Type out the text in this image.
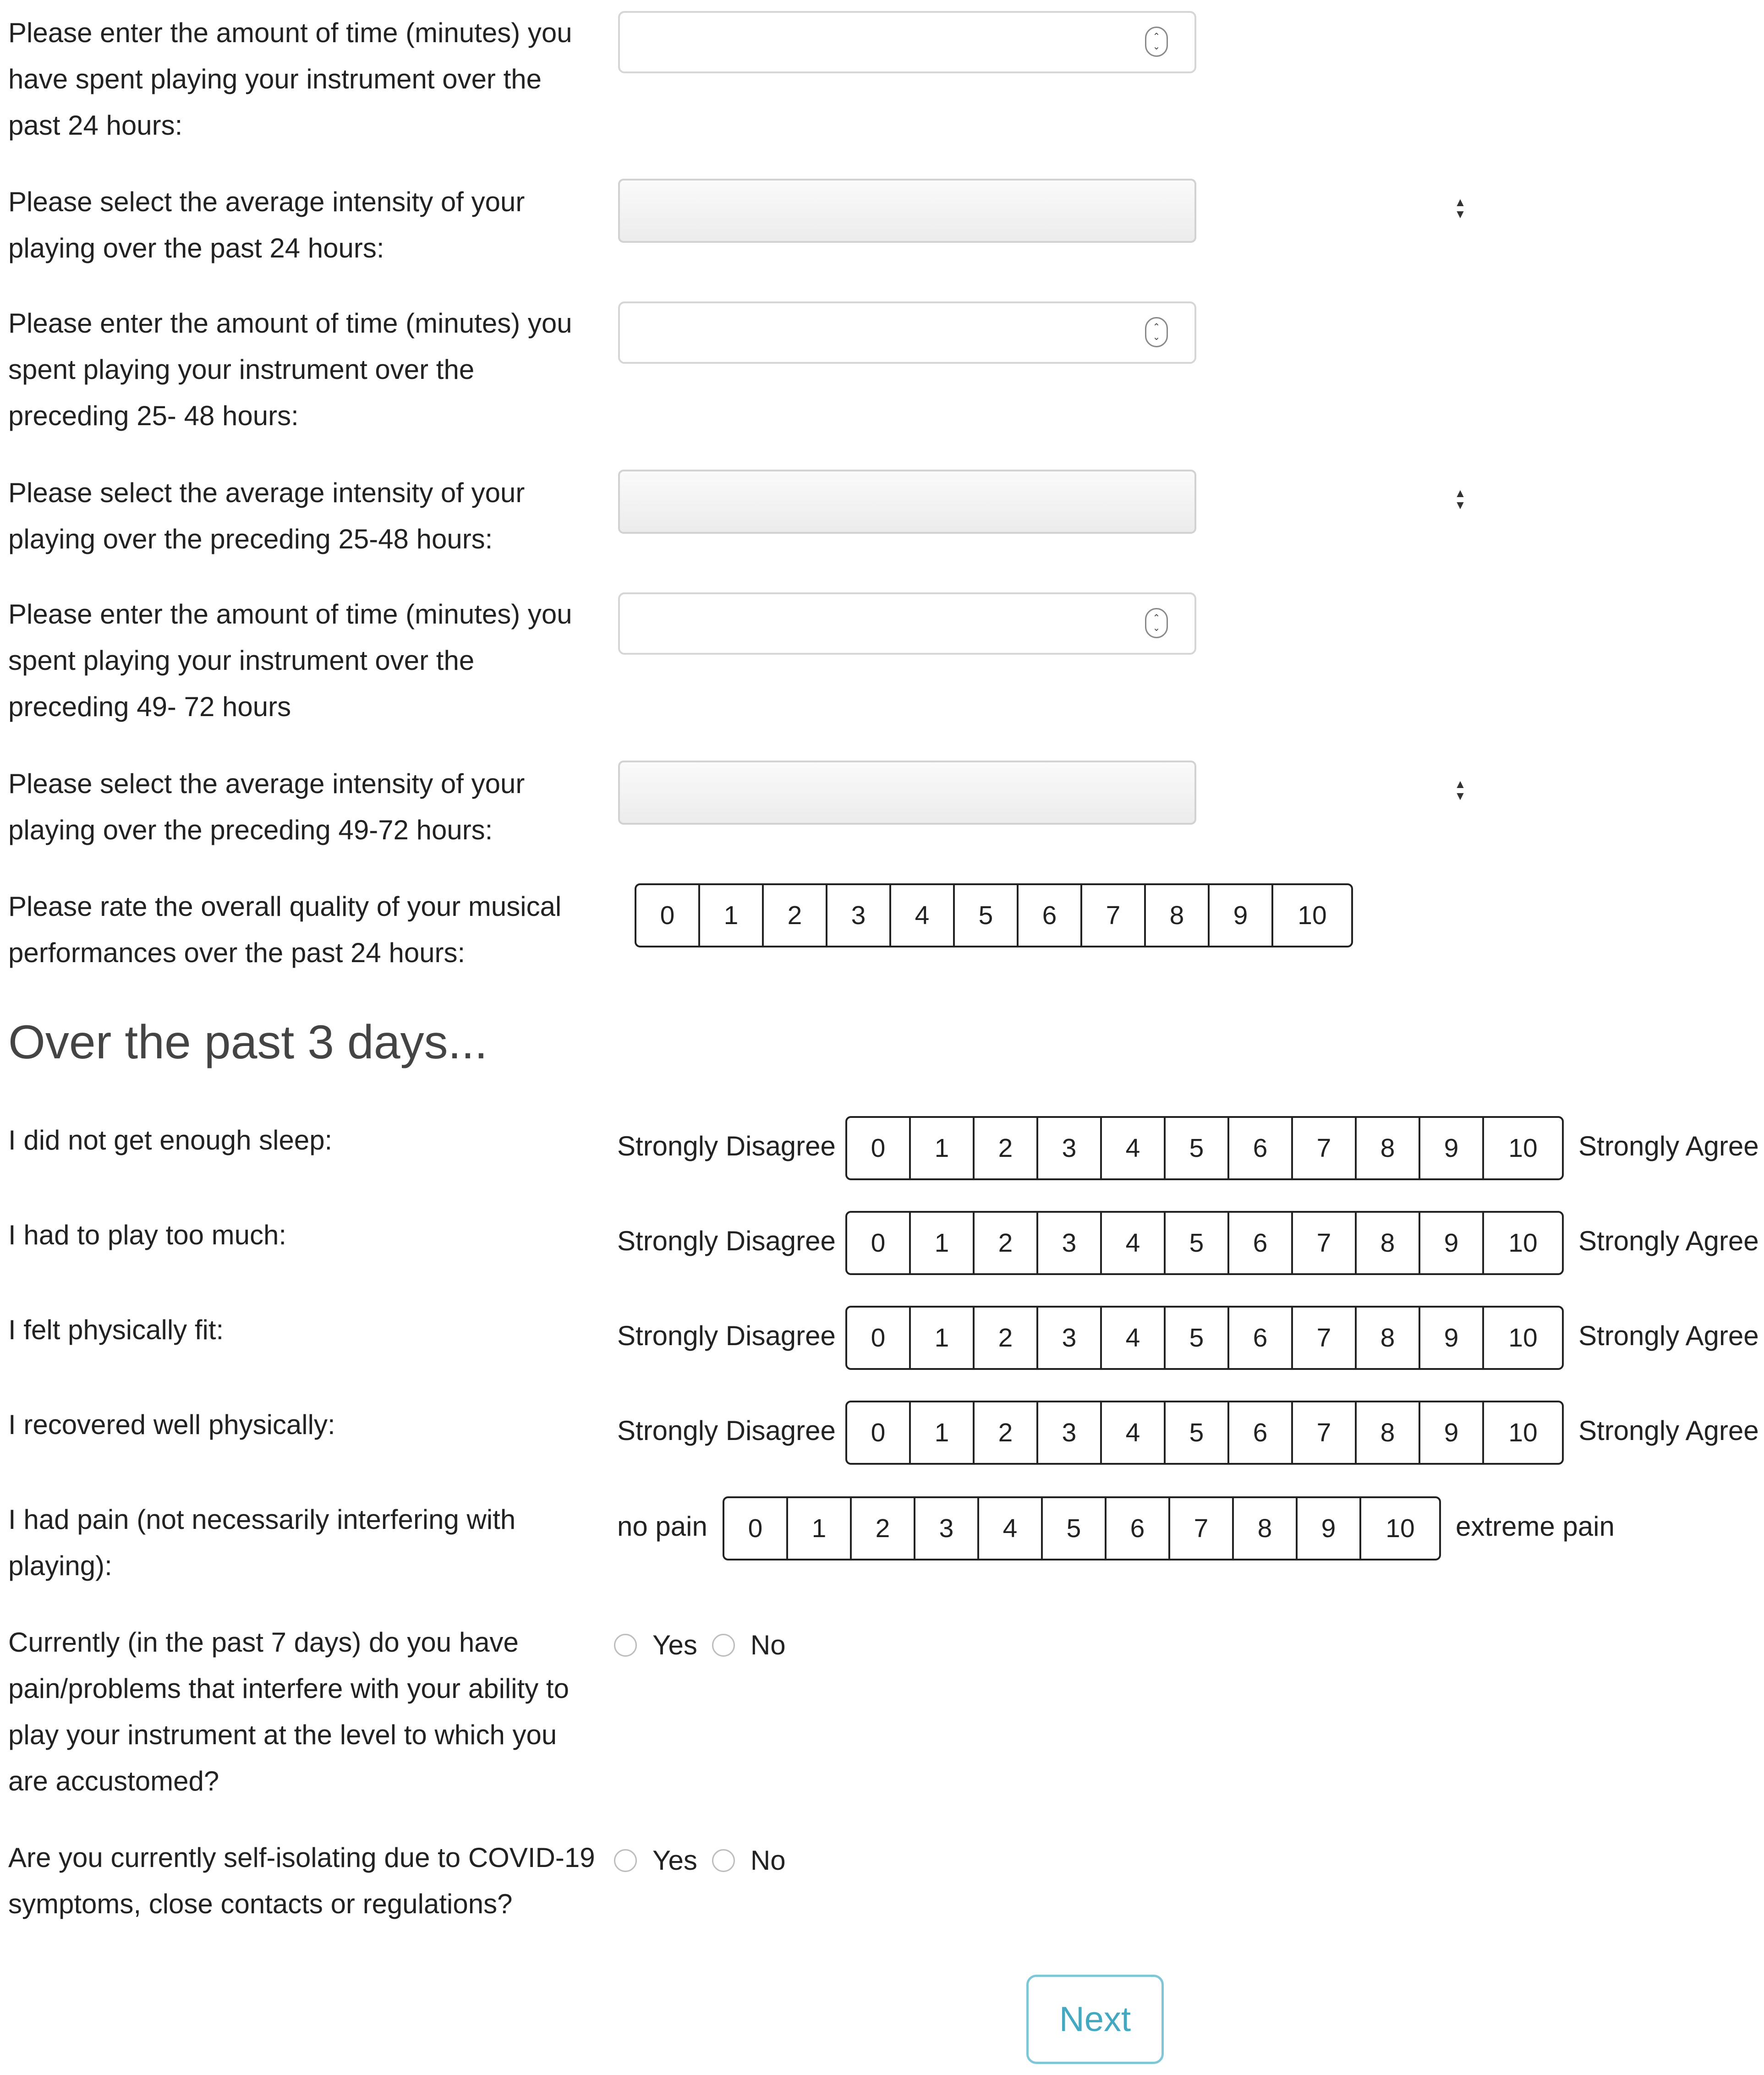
Please enter the amount of time (minutes) you have spent playing your instrument over the past 24 hours:
⌃
⌄
Please select the average intensity of your playing over the past 24 hours:
▲
▼
Please enter the amount of time (minutes) you spent playing your instrument over the preceding 25- 48 hours:
⌃
⌄
Please select the average intensity of your playing over the preceding 25-48 hours:
▲
▼
Please enter the amount of time (minutes) you spent playing your instrument over the preceding 49- 72 hours
⌃
⌄
Please select the average intensity of your playing over the preceding 49-72 hours:
▲
▼
Please rate the overall quality of your musical performances over the past 24 hours:
0	1	2	3	4	5	6	7	8	9	10
Over the past 3 days...
I did not get enough sleep:	Strongly Disagree	0	1	2	3	4	5	6	7	8	9	10	Strongly Agree
I had to play too much:	Strongly Disagree	0	1	2	3	4	5	6	7	8	9	10	Strongly Agree
I felt physically fit:	Strongly Disagree	0	1	2	3	4	5	6	7	8	9	10	Strongly Agree
I recovered well physically:	Strongly Disagree	0	1	2	3	4	5	6	7	8	9	10	Strongly Agree
I had pain (not necessarily interfering with playing):
no pain	0	1	2	3	4	5	6	7	8	9	10	extreme pain
Currently (in the past 7 days) do you have pain/problems that interfere with your ability to play your instrument at the level to which you are accustomed?
Yes No
Are you currently self-isolating due to COVID-19 symptoms, close contacts or regulations?
Yes No
Next
